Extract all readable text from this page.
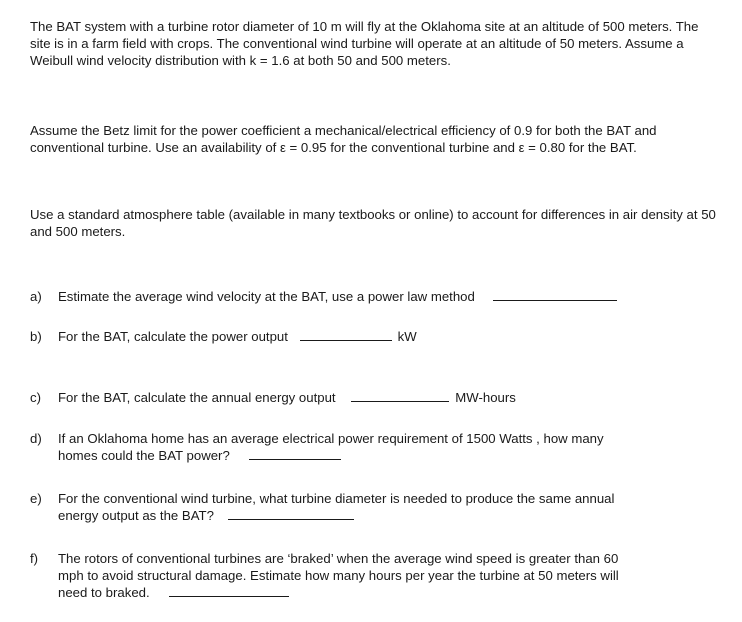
The BAT system with a turbine rotor diameter of 10 m will fly at the Oklahoma site at an altitude of 500 meters. The site is in a farm field with crops. The conventional wind turbine will operate at an altitude of 50 meters. Assume a Weibull wind velocity distribution with k = 1.6 at both 50 and 500 meters.

Assume the Betz limit for the power coefficient a mechanical/electrical efficiency of 0.9 for both the BAT and conventional turbine. Use an availability of ε = 0.95 for the conventional turbine and ε = 0.80 for the BAT.

Use a standard atmosphere table (available in many textbooks or online) to account for differences in air density at 50 and 500 meters.

a)	Estimate the average wind velocity at the BAT, use a power law method
b)	For the BAT, calculate the power output	kW
c)	For the BAT, calculate the annual energy output	MW-hours
d)	If an Oklahoma home has an average electrical power requirement of 1500 Watts , how many
homes could the BAT power?
e)	For the conventional wind turbine, what turbine diameter is needed to produce the same annual
energy output as the BAT?
f)	The rotors of conventional turbines are ‘braked’ when the average wind speed is greater than 60
mph to avoid structural damage. Estimate how many hours per year the turbine at 50 meters will
need to braked.
